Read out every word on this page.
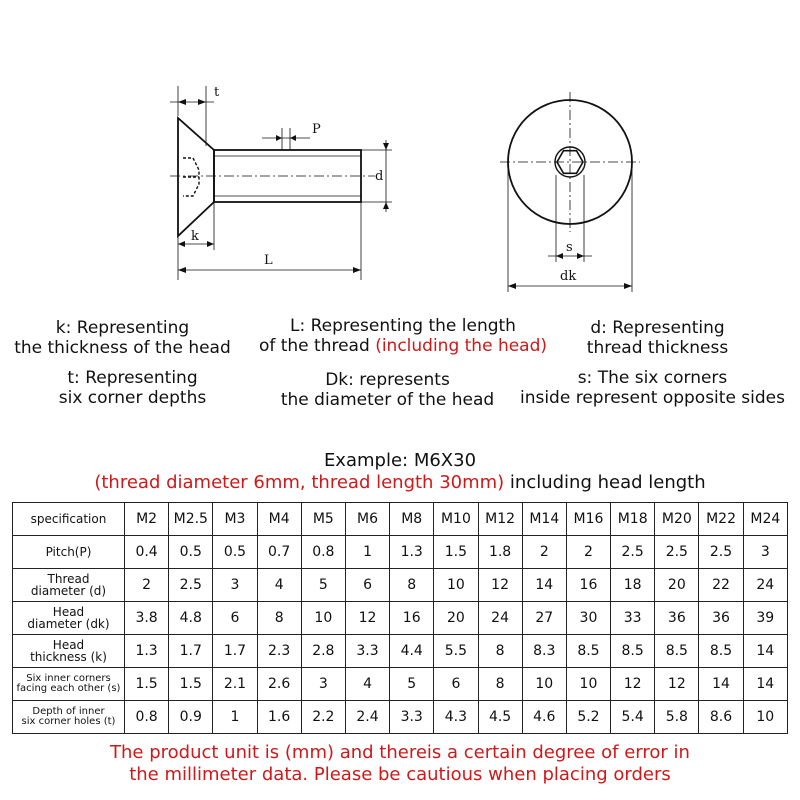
t
P
d
k
L
s
dk
k: Representing
the thickness of the head
L: Representing the length
of the thread (including the head)
d: Representing
thread thickness
t: Representing
six corner depths
Dk: represents
the diameter of the head
s: The six corners
inside represent opposite sides
Example: M6X30
(thread diameter 6mm, thread length 30mm) including head length
specification	M2	M2.5	M3	M4	M5	M6	M8	M10	M12	M14	M16	M18	M20	M22	M24

Pitch(P)	0.4	0.5	0.5	0.7	0.8	1	1.3	1.5	1.8	2	2	2.5	2.5	2.5	3

Thread
diameter (d)	2	2.5	3	4	5	6	8	10	12	14	16	18	20	22	24

Head
diameter (dk)	3.8	4.8	6	8	10	12	16	20	24	27	30	33	36	36	39

Head
thickness (k)	1.3	1.7	1.7	2.3	2.8	3.3	4.4	5.5	8	8.3	8.5	8.5	8.5	8.5	14

Six inner corners
facing each other (s)	1.5	1.5	2.1	2.6	3	4	5	6	8	10	10	12	12	14	14

Depth of inner
six corner holes (t)	0.8	0.9	1	1.6	2.2	2.4	3.3	4.3	4.5	4.6	5.2	5.4	5.8	8.6	10
The product unit is (mm) and thereis a certain degree of error in
the millimeter data. Please be cautious when placing orders
